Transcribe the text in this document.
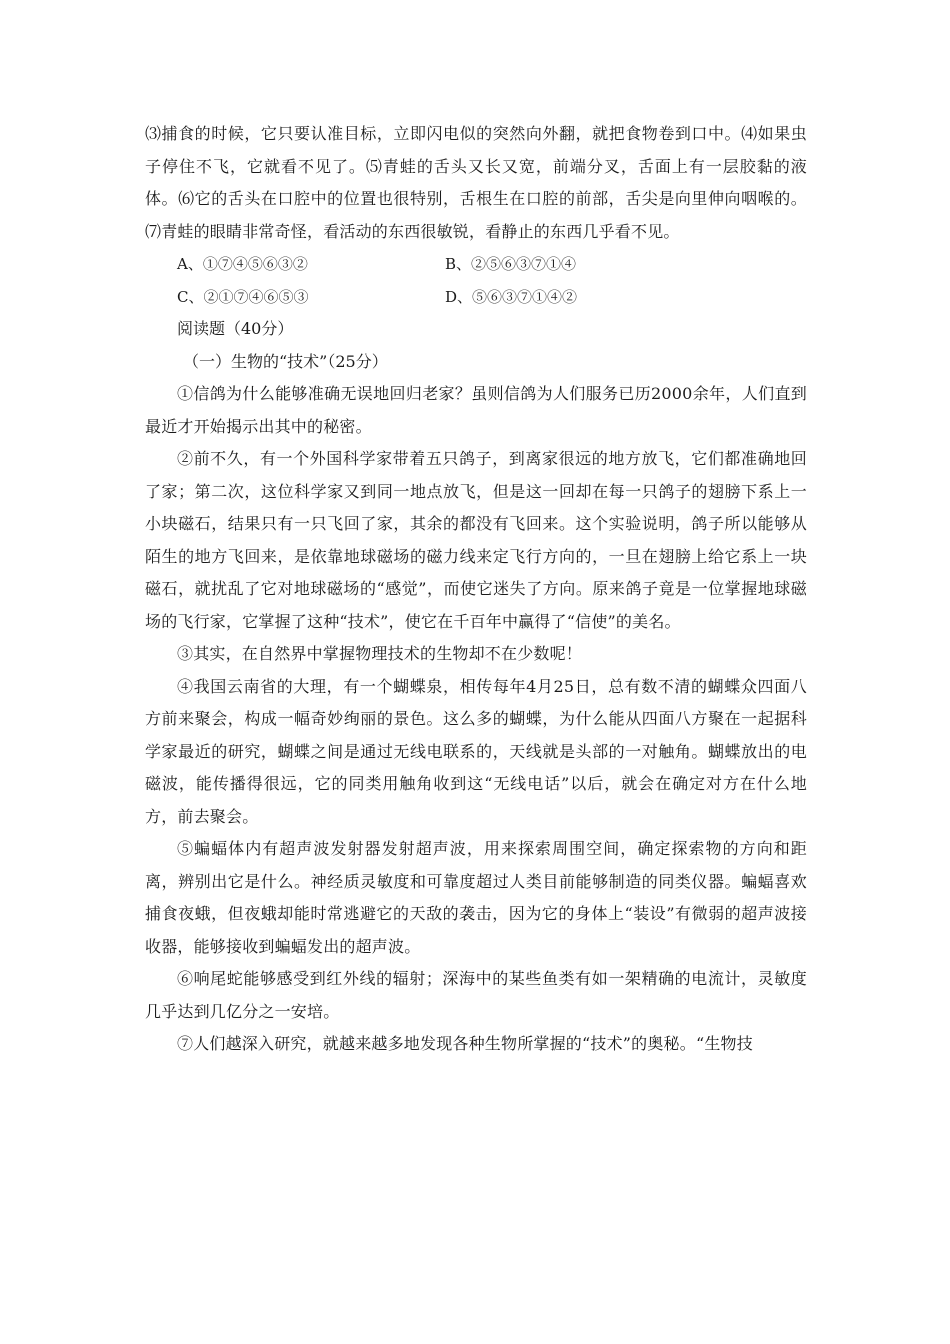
⑶捕食的时候，它只要认准目标，立即闪电似的突然向外翻，就把食物卷到口中。⑷如果虫子停住不飞，它就看不见了。⑸青蛙的舌头又长又宽，前端分叉，舌面上有一层胶黏的液体。⑹它的舌头在口腔中的位置也很特别，舌根生在口腔的前部，舌尖是向里伸向咽喉的。⑺青蛙的眼睛非常奇怪，看活动的东西很敏锐，看静止的东西几乎看不见。

A、①⑦④⑤⑥③②	B、②⑤⑥③⑦①④
C、②①⑦④⑥⑤③	D、⑤⑥③⑦①④②

阅读题（40分）

（一）生物的“技术”（25分）

①信鸽为什么能够准确无误地回归老家？虽则信鸽为人们服务已历2000余年，人们直到最近才开始揭示出其中的秘密。

②前不久，有一个外国科学家带着五只鸽子，到离家很远的地方放飞，它们都准确地回了家；第二次，这位科学家又到同一地点放飞，但是这一回却在每一只鸽子的翅膀下系上一小块磁石，结果只有一只飞回了家，其余的都没有飞回来。这个实验说明，鸽子所以能够从陌生的地方飞回来，是依靠地球磁场的磁力线来定飞行方向的，一旦在翅膀上给它系上一块磁石，就扰乱了它对地球磁场的“感觉”，而使它迷失了方向。原来鸽子竟是一位掌握地球磁场的飞行家，它掌握了这种“技术”，使它在千百年中赢得了“信使”的美名。

③其实，在自然界中掌握物理技术的生物却不在少数呢！

④我国云南省的大理，有一个蝴蝶泉，相传每年4月25日，总有数不清的蝴蝶众四面八方前来聚会，构成一幅奇妙绚丽的景色。这么多的蝴蝶，为什么能从四面八方聚在一起据科学家最近的研究，蝴蝶之间是通过无线电联系的，天线就是头部的一对触角。蝴蝶放出的电磁波，能传播得很远，它的同类用触角收到这“无线电话”以后，就会在确定对方在什么地方，前去聚会。

⑤蝙蝠体内有超声波发射器发射超声波，用来探索周围空间，确定探索物的方向和距离，辨别出它是什么。神经质灵敏度和可靠度超过人类目前能够制造的同类仪器。蝙蝠喜欢捕食夜蛾，但夜蛾却能时常逃避它的天敌的袭击，因为它的身体上“装设”有微弱的超声波接收器，能够接收到蝙蝠发出的超声波。

⑥响尾蛇能够感受到红外线的辐射；深海中的某些鱼类有如一架精确的电流计，灵敏度几乎达到几亿分之一安培。

⑦人们越深入研究，就越来越多地发现各种生物所掌握的“技术”的奥秘。“生物技
